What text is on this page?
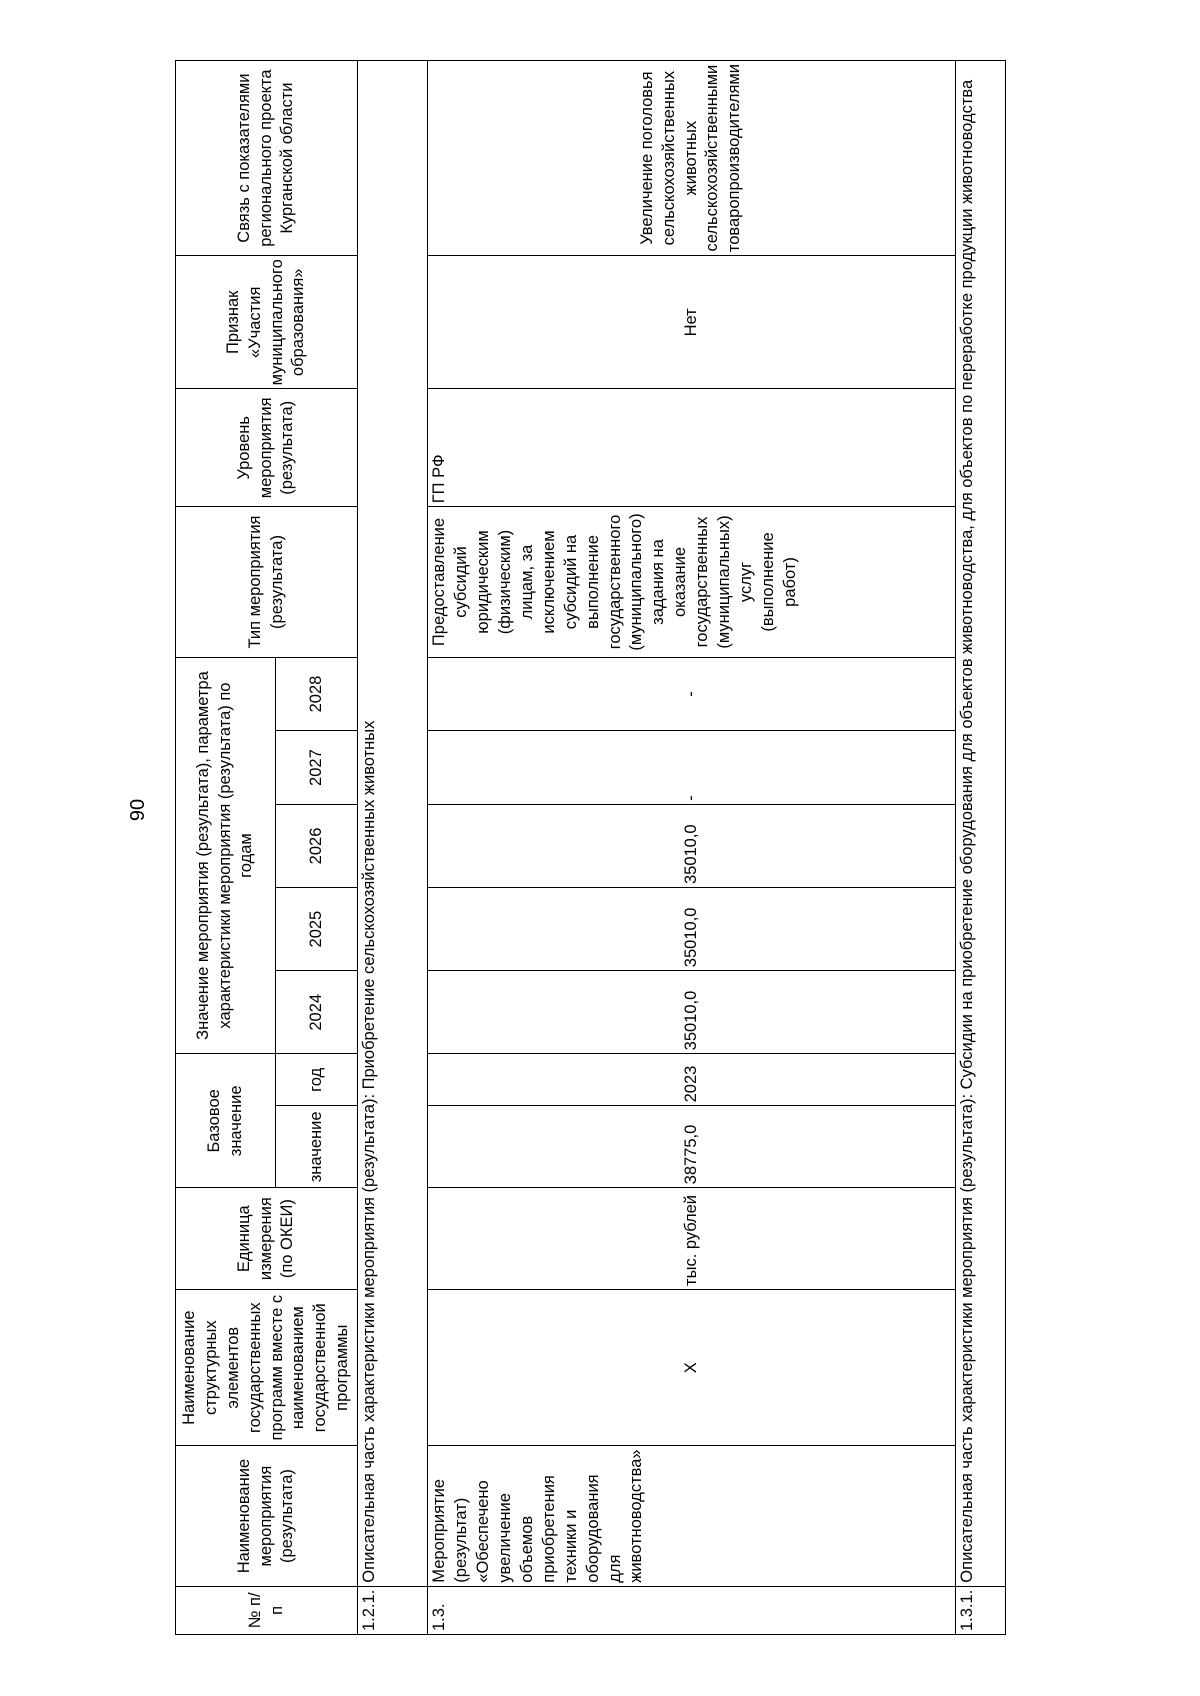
90
№ п/п	Наименование мероприятия (результата)	Наименование структурных элементов государственных программ вместе с наименованием государственной программы	Единица измерения (по ОКЕИ)	Базовое значение		Значение мероприятия (результата), параметра характеристики мероприятия (результата) по годам					Тип мероприятия (результата)	Уровень мероприятия (результата)	Признак «Участия муниципального образования»	Связь с показателями регионального проекта Курганской области
				значение	год	2024	2025	2026	2027	2028				

1.2.1.	Описательная часть характеристики мероприятия (результата): Приобретение сельскохозяйственных животных													
1.3.	Мероприятие (результат) «Обеспечено увеличение объемов приобретения техники и оборудования для животноводства»	Х	тыс. рублей	38775,0	2023	35010,0	35010,0	35010,0	-	-	Предоставление субсидий юридическим (физическим) лицам, за исключением субсидий на выполнение государственного (муниципального) задания на оказание государственных (муниципальных) услуг (выполнение работ)	ГП РФ	Нет	Увеличение поголовья сельскохозяйственных животных сельскохозяйственными товаропроизводителями
1.3.1.	Описательная часть характеристики мероприятия (результата): Субсидии на приобретение оборудования для объектов животноводства, для объектов по переработке продукции животноводства													
